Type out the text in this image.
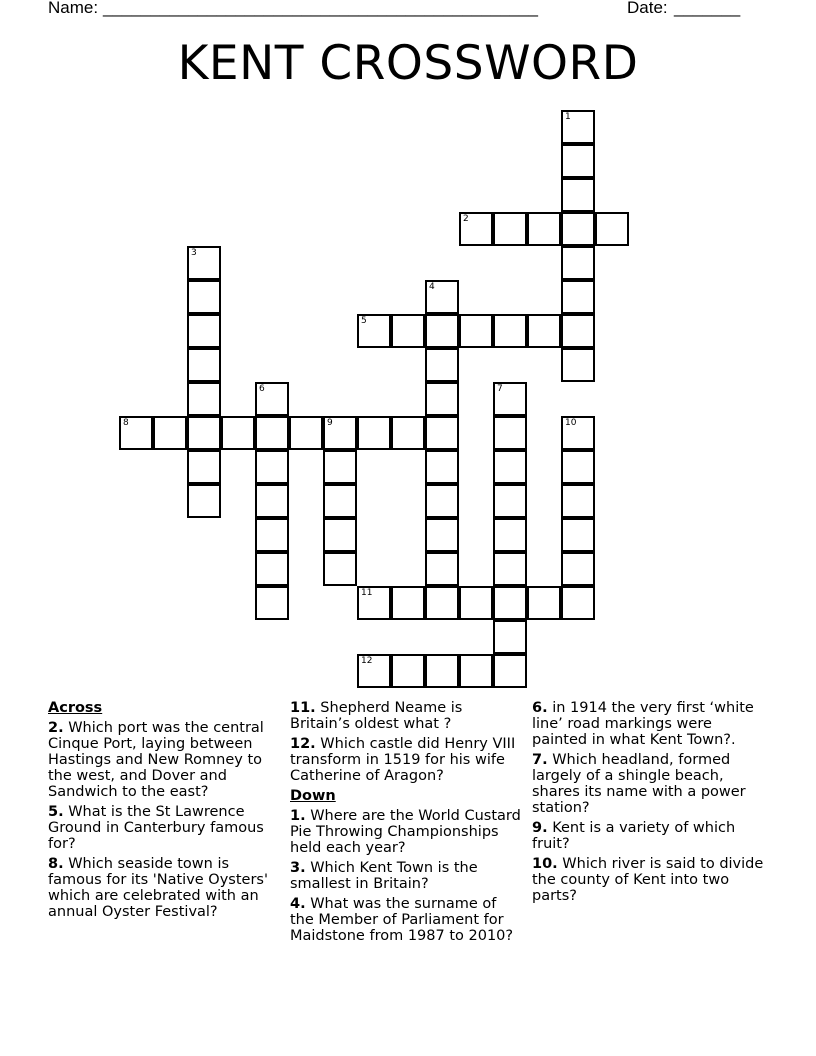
Name: ______________________________________________	Date: _______
KENT CROSSWORD
1
2
3
4
5
6	7
8	9	10
11
12

Across

2. Which port was the central Cinque Port, laying between Hastings and New Romney to the west, and Dover and Sandwich to the east?

5. What is the St Lawrence Ground in Canterbury famous for?

8. Which seaside town is famous for its 'Native Oysters' which are celebrated with an annual Oyster Festival?

11. Shepherd Neame is Britain’s oldest what ?

12. Which castle did Henry VIII transform in 1519 for his wife Catherine of Aragon?

Down

1. Where are the World Custard Pie Throwing Championships held each year?

3. Which Kent Town is the smallest in Britain?

4. What was the surname of the Member of Parliament for Maidstone from 1987 to 2010?

6. in 1914 the very first ‘white line’ road markings were painted in what Kent Town?.

7. Which headland, formed largely of a shingle beach, shares its name with a power station?

9. Kent is a variety of which fruit?

10. Which river is said to divide the county of Kent into two parts?
